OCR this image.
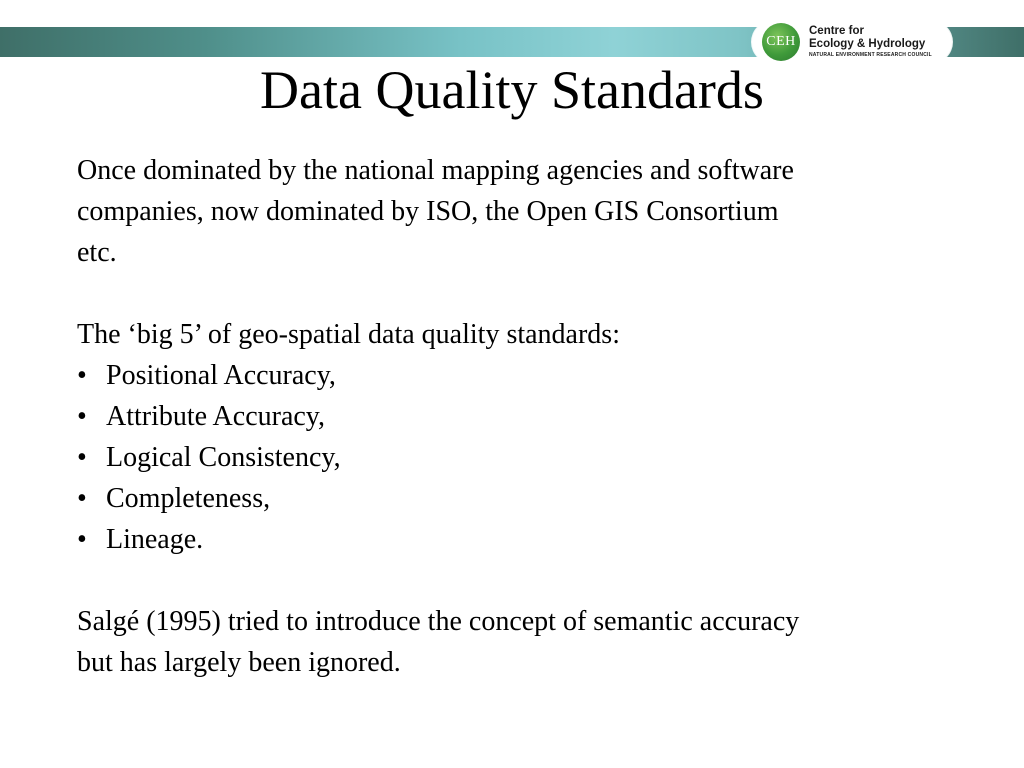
CEH
Centre for
Ecology & Hydrology
NATURAL ENVIRONMENT RESEARCH COUNCIL
Data Quality Standards

Once dominated by the national mapping agencies and software

companies, now dominated by ISO, the Open GIS Consortium

etc.

The ‘big 5’ of geo-spatial data quality standards:

• Positional Accuracy,
• Attribute Accuracy,
• Logical Consistency,
• Completeness,
• Lineage.

Salgé (1995) tried to introduce the concept of semantic accuracy

but has largely been ignored.
